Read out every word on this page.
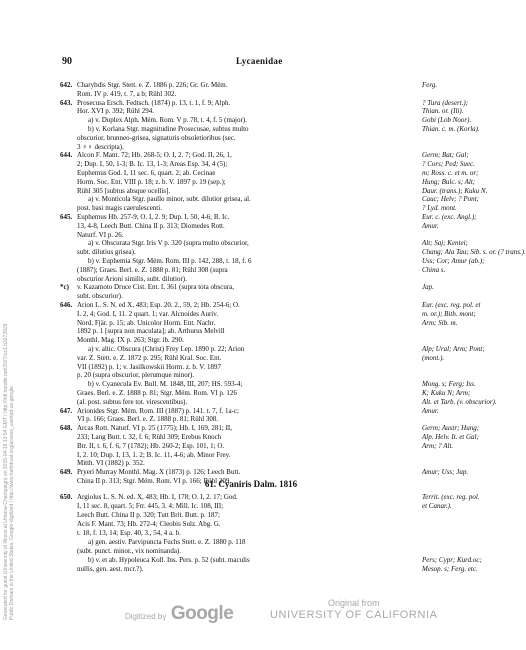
90	Lycaenidae
642. Charybdis Stgr. Stett. e. Z. 1886 p. 226; Gr. Gr. Mém.	Ferg.
Rom. IV p. 419, t. 7, a b; Rühl 302.
643. Prosecusa Ersch. Fedtsch. (1874) p. 13, t. 1, f. 9; Alph.	? Tura (desert.);
Hor. XVI p. 392; Rühl 294.	Thian. or. (Ili).
a) v. Duplex Alph. Mém. Rom. V p. 78, t. 4, f. 5 (major).	Gobi (Lob Noor).
b) v. Korlana Stgr. magnitudine Prosecusae, subtus multo	Thian. c. m. (Korla).
obscurior, brunneo-grisea, signaturis obsoletioribus (sec.
3 ♀♀ descripta).
644. Alcon F. Mant. 72; Hb. 268-5; O. I, 2. 7; God. II, 26, 1,	Germ; Bat; Gal;
2; Dup. I, 50, 1-3; B. Ic. 13, 1-3; Areas Esp. 34, 4 (5);	? Cors; Ped; Suec.
Euphemus God. I, 11 sec. 6, quart. 2; ab. Cecinae	m; Ross. c. et m. or;
Horm. Soc. Ent. VIII p. 18; z. b. V. 1897 p. 19 (sep.);	Hung; Bulc. s; Alt;
Rühl 305 [subtus absque ocellis].	Daur. (trans.); Kuku N.
a) v. Monticola Stgr. paullo minor, subt. dilutior grisea, al.	Cauc; Helv; ? Pont;
post. basi magis caerulescenti.	? Lyd. mont.
645. Euphemus Hb. 257-9; O. I, 2. 9; Dup. I, 50, 4-6; B. Ic.	Eur. c. (exc. Angl.);
13, 4-8, Leech Butt. China II p. 313; Diomedes Rott.	Amur.
Naturf. VI p. 26.
a) v. Obscurata Stgr. Iris V p. 320 (supra multo obscurior,	Alt; Saj; Kentei;
subt. dilutius grisea).	Chang; Ala Tau; Sib. s. or. (? trans.).
b) v. Euphemia Stgr. Mém. Rom. III p. 142, 288, t. 18, f. 6	Uss; Cor; Amur (ab.);
(1887); Graes. Berl. e. Z. 1888 p. 81; Rühl 308 (supra	China s.
obscurior Arioni similis, subt. dilutior).
*c)	v. Kazamoto Druce Cist. Ent. I, 361 (supra tota obscura,	Jap.
subt. obscurior).
646. Arion L. S. N. ed X, 483; Esp. 20. 2., 59, 2; Hb. 254-6; O.	Eur. (exc. reg. pol. et
I. 2, 4; God. I, 11. 2 quart. 1; var. Alcnoides Auriv.	m. or.); Bith. mont;
Nord. Fjär. p. 15; ab. Unicolor Horm. Ent. Nachr.	Arm; Sib. m.
1892 p. 1 [supra non maculata]; ab. Arthurus Melvill
Monthl. Mag. IX p. 263; Stgr. ib. 290.
a) v. altic. Obscura (Christ) Frey Lep. 1890 p. 22; Arion	Alp; Ural; Arm; Pont;
var. Z. Stett. e. Z. 1872 p. 295; Rühl Kral. Soc. Ent.	(mont.).
VII (1892) p. 1; v. Jasilkowskii Horm. z. b. V. 1897
p. 20 (supra obscurior, plerumque minor).
b) v. Cyanecula Ev. Bull. M. 1848, III, 207; HS. 593-4;	Mong. s; Ferg; Iss.
Graes. Berl. e. Z. 1888 p. 81; Stgr. Mém. Rom. VI p. 126	K; Kuku N; Arm;
(al. post. subtus fere tot. virescentibus).	Alt. et Tarb. (v. obscurior).
647. Arionides Stgr. Mém. Rom. III (1887) p. 141. t. 7, f. 1a-c;	Amur.
VI p. 166; Graes. Berl. e. Z. 1888 p. 81; Rühl 308.
648. Arcas Rott. Naturf. VI p. 25 (1775); Hb. I, 169, 281; II,	Germ; Austr; Hung;
233; Lang Butt. t. 32, f. 6; Rühl 309; Erebus Knoch	Alp. Helv. It. et Gal;
Btr. II, t. 6, f. 6, 7 (1782); Hb. 260-2; Esp. 101, 1; O.	Arm; ? Alt.
I, 2. 10; Dup. I, 13, 1. 2; B. Ic. 11, 4-6; ab. Minor Frey.
Mitth. VI (1882) p. 352.
649. Pryeri Murray Monthl. Mag. X (1873) p. 126; Leech Butt.	Amur; Uss; Jap.
China II p. 313; Stgr. Mém. Rom. VI p. 166; Rühl 309.
61. Cyaniris Dalm. 1816
650. Argiolus L. S. N. ed. X, 483; Hb. I, 178; O. I, 2. 17; God.	Territ. (exc. reg. pol.
I, 11 sec. 8, quart. 5; Frr. 445, 3. 4; Mill. Ic. 108, III;	et Canar.).
Leech Butt. China II p. 320; Tutt Brit. Butt. p. 187;
Acis F. Mant. 73; Hb. 272-4; Cleobis Sulz. Abg. G.
t. 18, f. 13, 14; Esp. 40, 3., 54, 4 a. b.
a) gen. aestiv. Parvipuncta Fuchs Stett. e. Z. 1880 p. 118
(subt. punct. minor., vix nominanda).
b) v. et ab. Hypoleuca Koll. Ins. Pers. p. 52 (subt. maculis	Pers; Cypr; Kurd.oc;
nullis, gen. aest. mcr.?).	Mesop. s; Ferg. etc.
Generated for guest (University of Illinois at Urbana-Champaign) on 2015-04-18 13:54 GMT / http://hdl.handle.net/2027/uc1.b3272928 Public Domain in the United States, Google-digitized / http://www.hathitrust.org/access_use#pd-us-google	Digitized by Google	Original from
UNIVERSITY OF CALIFORNIA
